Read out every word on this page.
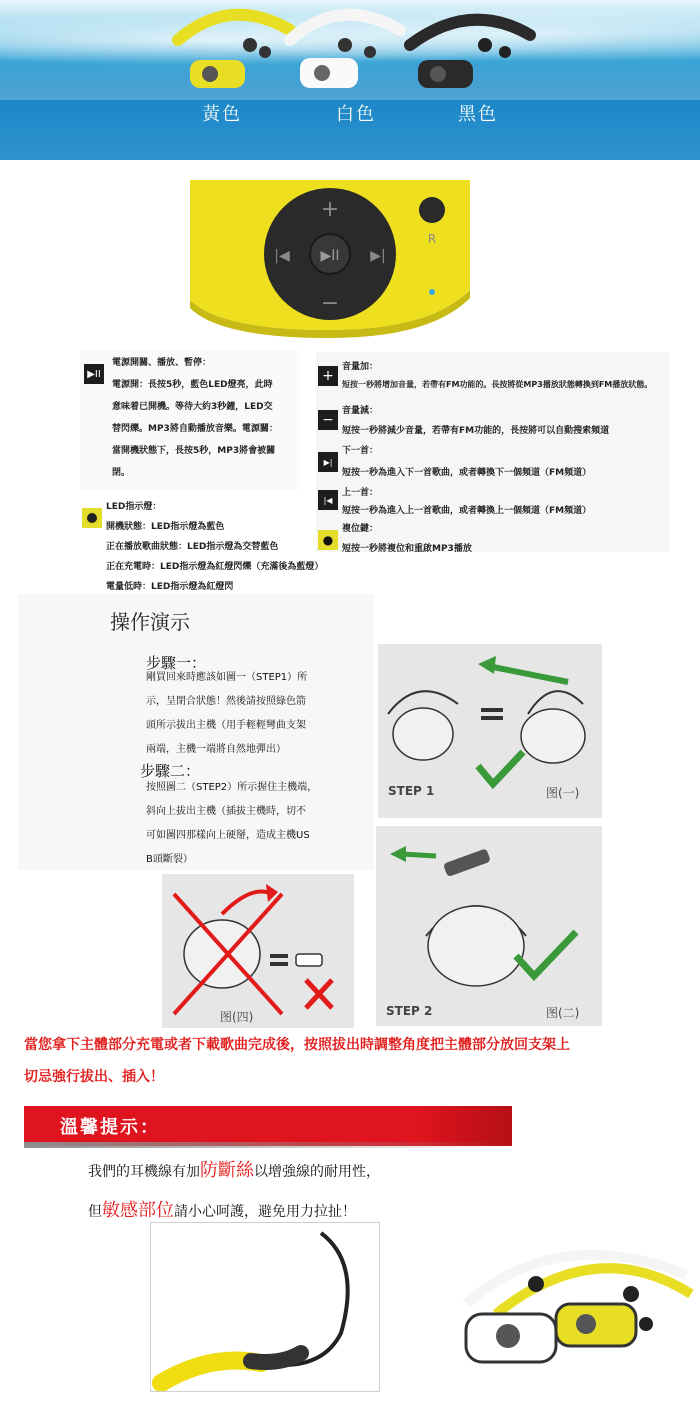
黃色	白色	黑色
▶II
+
−
|◀	▶|
R
▶II
電源開關、播放、暫停：
電源開：長按5秒，藍色LED燈亮，此時
意味着已開機。等待大約3秒鐘，LED交
替閃爍。MP3將自動播放音樂。電源關：
當開機狀態下，長按5秒，MP3將會被關
閉。
LED指示燈：
開機狀態：LED指示燈為藍色
正在播放歌曲狀態：LED指示燈為交替藍色
正在充電時：LED指示燈為紅燈閃爍（充滿後為藍燈）
電量低時：LED指示燈為紅燈閃
+
音量加：
短按一秒將增加音量，若帶有FM功能的。長按將從MP3播放狀態轉換到FM播放狀態。
−
音量減：
短按一秒將減少音量，若帶有FM功能的，長按將可以自動搜索頻道
▶|
下一首：
短按一秒為進入下一首歌曲，或者轉換下一個頻道（FM頻道）
|◀
上一首：
短按一秒為進入上一首歌曲，或者轉換上一個頻道（FM頻道）
●
複位鍵：
短按一秒將複位和重啟MP3播放
操作演示
步驟一：
剛買回來時應該如圖一（STEP1）所
示，呈閉合狀態！然後請按照綠色箭
頭所示拔出主機（用手輕輕彎曲支架
兩端，主機一端將自然地彈出）
步驟二：
按照圖二（STEP2）所示握住主機端，
斜向上拔出主機（插拔主機時，切不
可如圖四那樣向上硬掰，造成主機US
B頭斷裂）
STEP 1	图(一)
STEP 2	图(二)
图(四)
當您拿下主體部分充電或者下載歌曲完成後，按照拔出時調整角度把主體部分放回支架上
切忌強行拔出、插入！
溫馨提示：
我們的耳機線有加防斷絲以增強線的耐用性，
但敏感部位請小心呵護，避免用力拉扯！
